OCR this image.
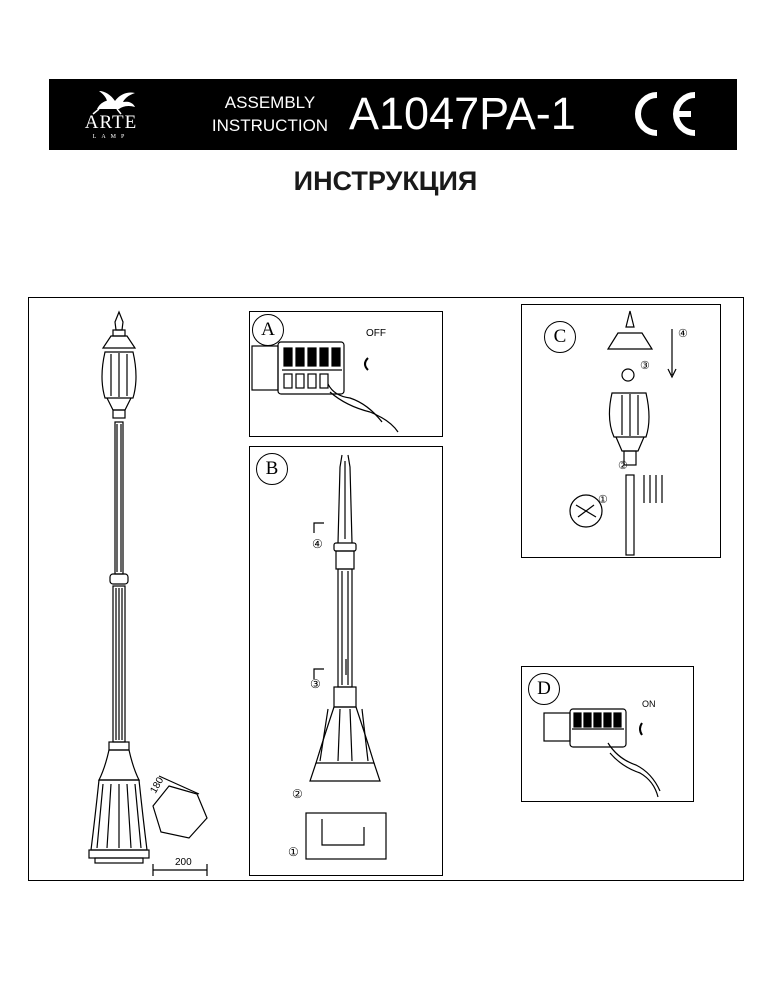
ARTE
LAMP
ASSEMBLY
INSTRUCTION A1047PA-1
ИНСТРУКЦИЯ
180
200
A	OFF
B
④
③
②
①
C	④
③
②
①
D
ON
